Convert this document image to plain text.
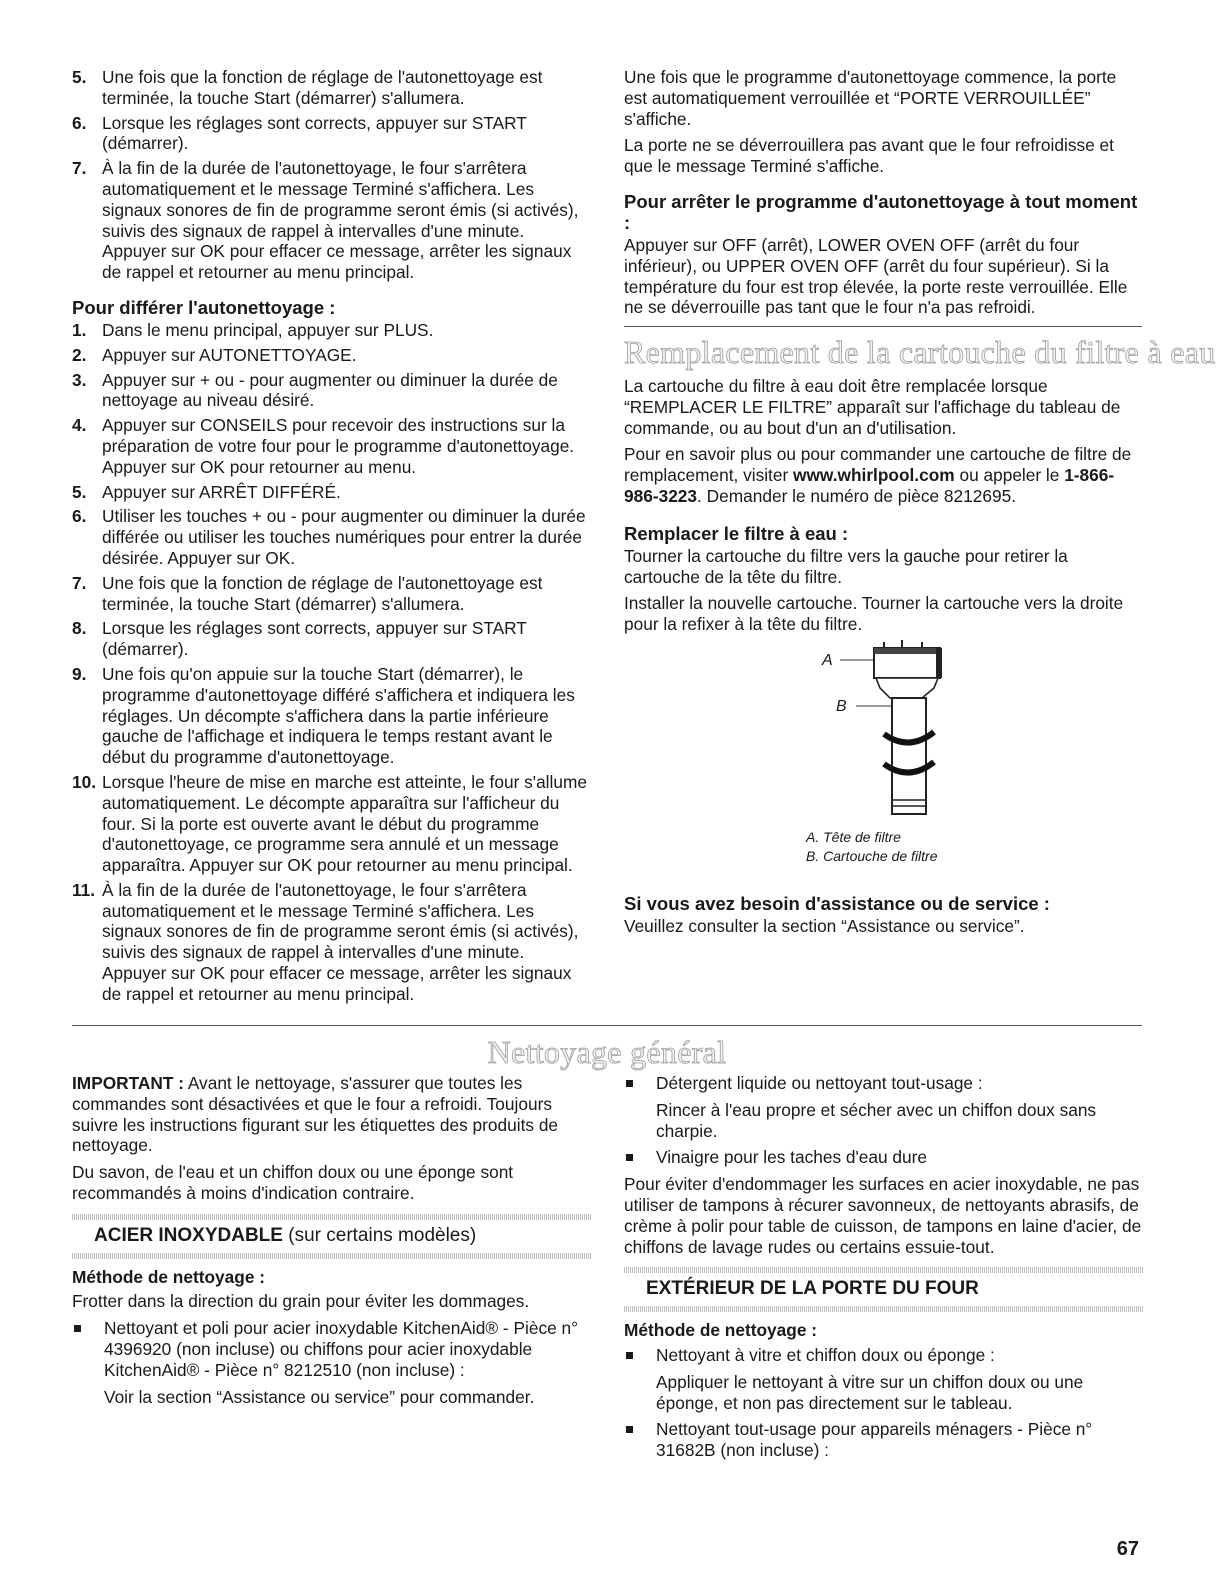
5. Une fois que la fonction de réglage de l'autonettoyage est terminée, la touche Start (démarrer) s'allumera.
6. Lorsque les réglages sont corrects, appuyer sur START (démarrer).
7. À la fin de la durée de l'autonettoyage, le four s'arrêtera automatiquement et le message Terminé s'affichera. Les signaux sonores de fin de programme seront émis (si activés), suivis des signaux de rappel à intervalles d'une minute. Appuyer sur OK pour effacer ce message, arrêter les signaux de rappel et retourner au menu principal.
Pour différer l'autonettoyage :
1. Dans le menu principal, appuyer sur PLUS.
2. Appuyer sur AUTONETTOYAGE.
3. Appuyer sur + ou - pour augmenter ou diminuer la durée de nettoyage au niveau désiré.
4. Appuyer sur CONSEILS pour recevoir des instructions sur la préparation de votre four pour le programme d'autonettoyage. Appuyer sur OK pour retourner au menu.
5. Appuyer sur ARRÊT DIFFÉRÉ.
6. Utiliser les touches + ou - pour augmenter ou diminuer la durée différée ou utiliser les touches numériques pour entrer la durée désirée. Appuyer sur OK.
7. Une fois que la fonction de réglage de l'autonettoyage est terminée, la touche Start (démarrer) s'allumera.
8. Lorsque les réglages sont corrects, appuyer sur START (démarrer).
9. Une fois qu'on appuie sur la touche Start (démarrer), le programme d'autonettoyage différé s'affichera et indiquera les réglages. Un décompte s'affichera dans la partie inférieure gauche de l'affichage et indiquera le temps restant avant le début du programme d'autonettoyage.
10. Lorsque l'heure de mise en marche est atteinte, le four s'allume automatiquement. Le décompte apparaîtra sur l'afficheur du four. Si la porte est ouverte avant le début du programme d'autonettoyage, ce programme sera annulé et un message apparaîtra. Appuyer sur OK pour retourner au menu principal.
11. À la fin de la durée de l'autonettoyage, le four s'arrêtera automatiquement et le message Terminé s'affichera. Les signaux sonores de fin de programme seront émis (si activés), suivis des signaux de rappel à intervalles d'une minute. Appuyer sur OK pour effacer ce message, arrêter les signaux de rappel et retourner au menu principal.

Une fois que le programme d'autonettoyage commence, la porte est automatiquement verrouillée et “PORTE VERROUILLÉE” s'affiche.

La porte ne se déverrouillera pas avant que le four refroidisse et que le message Terminé s'affiche.

Pour arrêter le programme d'autonettoyage à tout moment :

Appuyer sur OFF (arrêt), LOWER OVEN OFF (arrêt du four inférieur), ou UPPER OVEN OFF (arrêt du four supérieur). Si la température du four est trop élevée, la porte reste verrouillée. Elle ne se déverrouille pas tant que le four n'a pas refroidi.

Remplacement de la cartouche du filtre à eau

La cartouche du filtre à eau doit être remplacée lorsque “REMPLACER LE FILTRE” apparaît sur l'affichage du tableau de commande, ou au bout d'un an d'utilisation.

Pour en savoir plus ou pour commander une cartouche de filtre de remplacement, visiter www.whirlpool.com ou appeler le 1-866-986-3223. Demander le numéro de pièce 8212695.

Remplacer le filtre à eau :

Tourner la cartouche du filtre vers la gauche pour retirer la cartouche de la tête du filtre.

Installer la nouvelle cartouche. Tourner la cartouche vers la droite pour la refixer à la tête du filtre.

A
B
A. Tête de filtre
B. Cartouche de filtre
Si vous avez besoin d'assistance ou de service :

Veuillez consulter la section “Assistance ou service”.

Nettoyage général

IMPORTANT : Avant le nettoyage, s'assurer que toutes les commandes sont désactivées et que le four a refroidi. Toujours suivre les instructions figurant sur les étiquettes des produits de nettoyage.

Du savon, de l'eau et un chiffon doux ou une éponge sont recommandés à moins d'indication contraire.

ACIER INOXYDABLE (sur certains modèles)
Méthode de nettoyage :

Frotter dans la direction du grain pour éviter les dommages.

Nettoyant et poli pour acier inoxydable KitchenAid® - Pièce n° 4396920 (non incluse) ou chiffons pour acier inoxydable KitchenAid® - Pièce n° 8212510 (non incluse) :

Voir la section “Assistance ou service” pour commander.

Détergent liquide ou nettoyant tout-usage :

Rincer à l'eau propre et sécher avec un chiffon doux sans charpie.

Vinaigre pour les taches d'eau dure

Pour éviter d'endommager les surfaces en acier inoxydable, ne pas utiliser de tampons à récurer savonneux, de nettoyants abrasifs, de crème à polir pour table de cuisson, de tampons en laine d'acier, de chiffons de lavage rudes ou certains essuie-tout.

EXTÉRIEUR DE LA PORTE DU FOUR
Méthode de nettoyage :
Nettoyant à vitre et chiffon doux ou éponge :

Appliquer le nettoyant à vitre sur un chiffon doux ou une éponge, et non pas directement sur le tableau.

Nettoyant tout-usage pour appareils ménagers - Pièce n° 31682B (non incluse) :
67
